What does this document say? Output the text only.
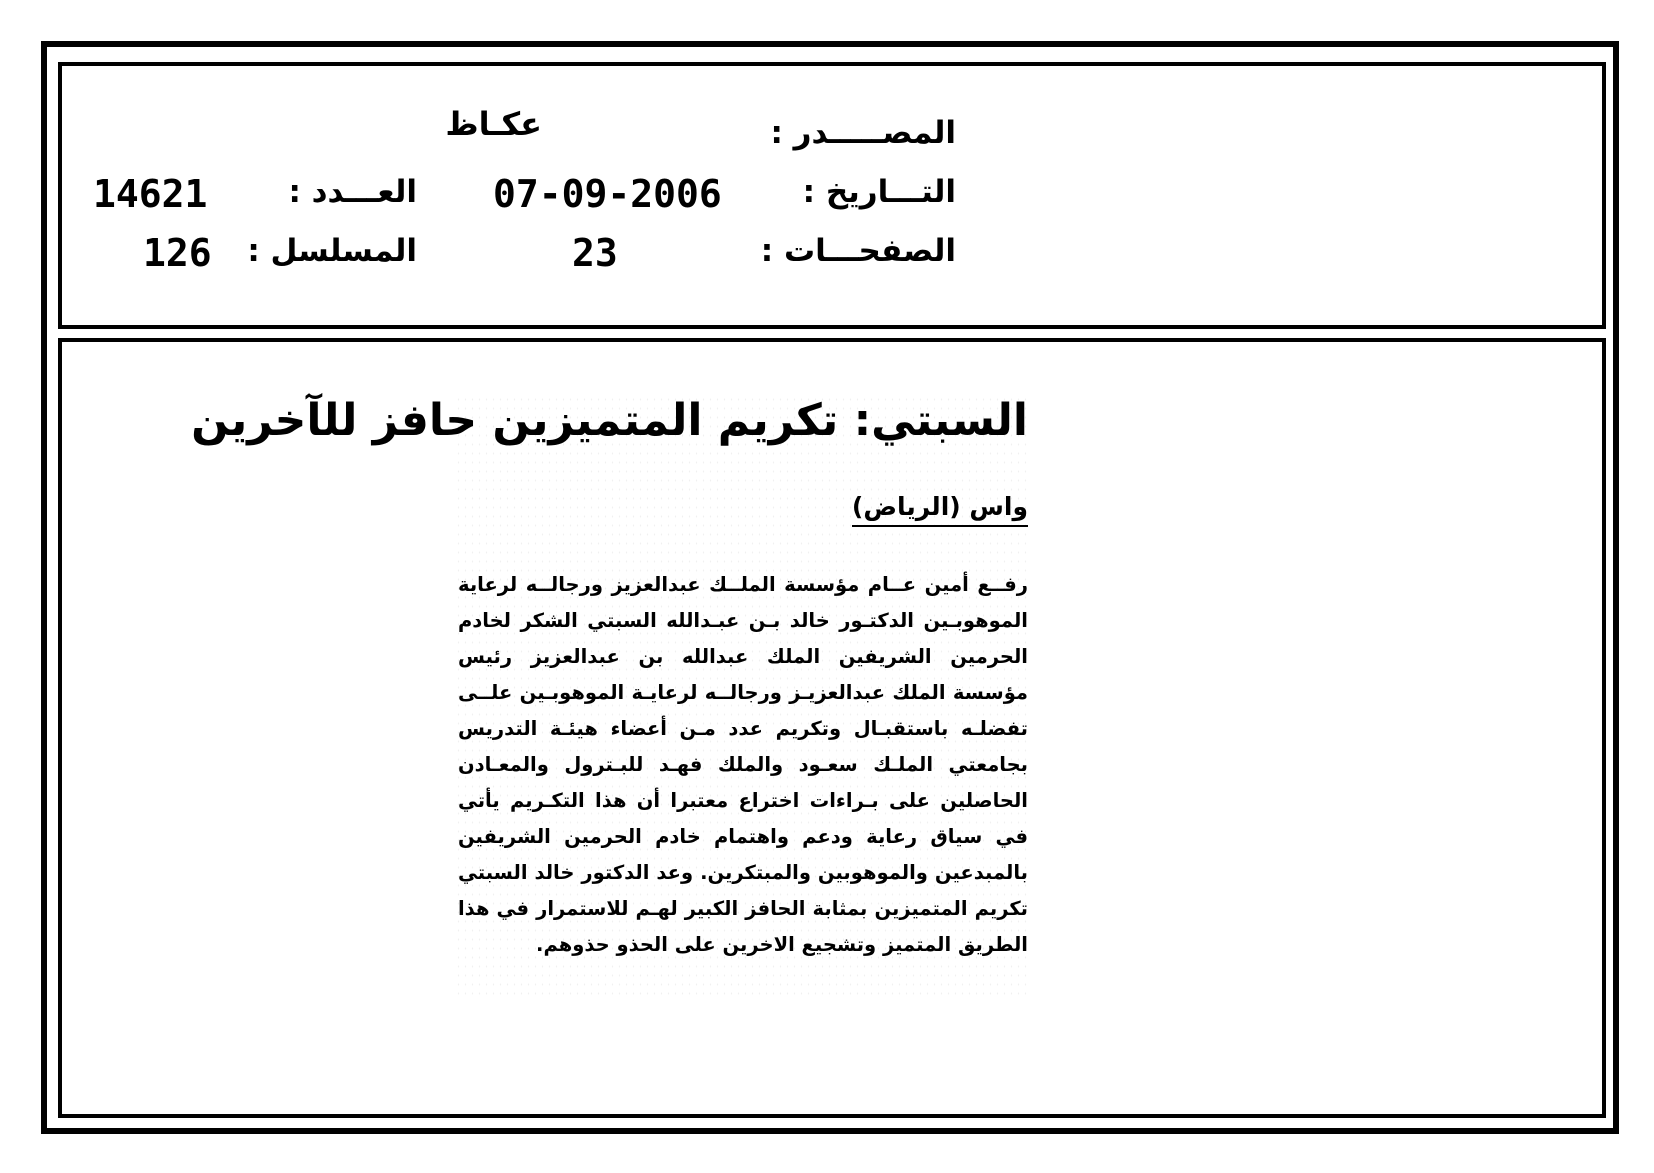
المصـــــدر :
عكـاظ
التـــاريخ :
07-09-2006
العـــدد :
14621
الصفحـــات :
23
المسلسل :
126
السبتي: تكريم المتميزين حافز للآخرين
واس (الرياض)

رفــع أمين عــام مؤسسة الملــك عبدالعزيز ورجالــه لرعاية الموهوبـين الدكتـور خالد بـن عبـدالله السبتي الشكر لخادم الحرمين الشريفين الملك عبدالله بن عبدالعزيز رئيس مؤسسة الملك عبدالعزيـز ورجالــه لرعايـة الموهوبـين علــى تفضلـه باستقبـال وتكريم عدد مـن أعضاء هيئـة التدريس بجامعتي الملـك سعـود والملك فهـد للبـترول والمعـادن الحاصلين على بـراءات اختراع معتبرا أن هذا التكـريم يأتي في سياق رعاية ودعم واهتمام خادم الحرمين الشريفين بالمبدعين والموهوبين والمبتكرين. وعد الدكتور خالد السبتي تكريم المتميزين بمثابة الحافز الكبير لهـم للاستمرار في هذا الطريق المتميز وتشجيع الاخرين على الحذو حذوهم.
